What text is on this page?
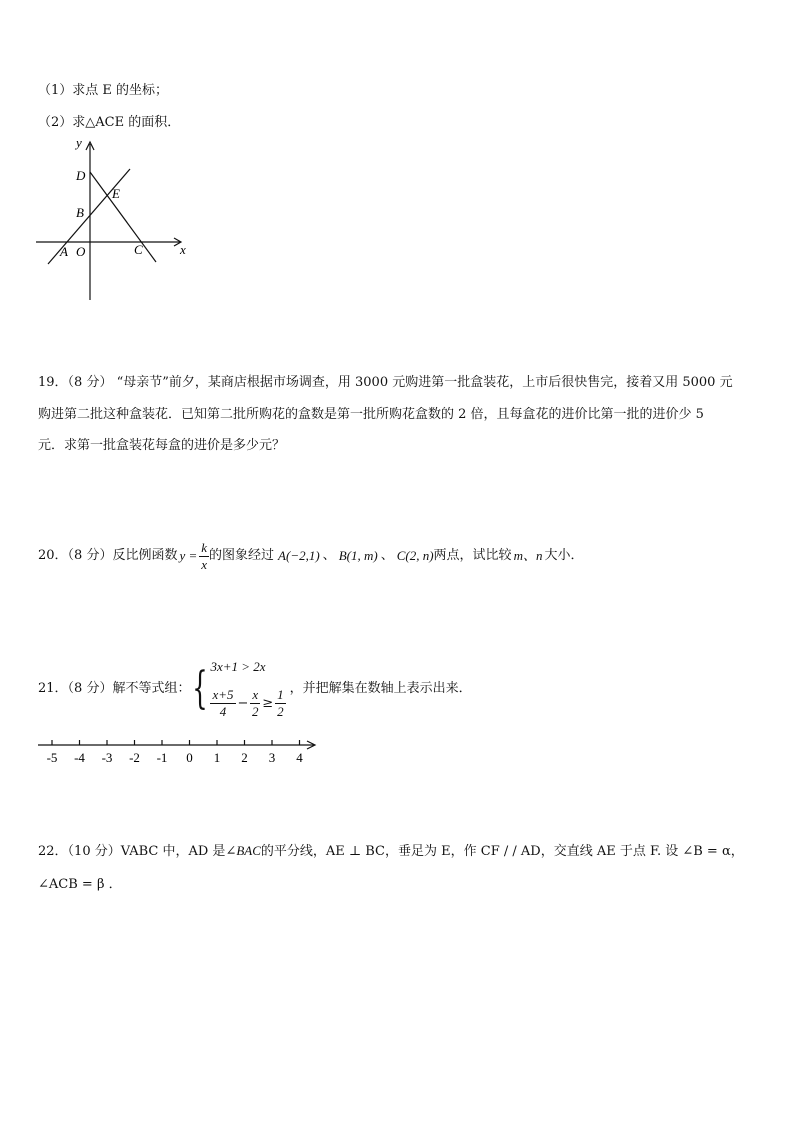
（1）求点 E 的坐标；
（2）求△ACE 的面积．
y
x
D
E
B
A O	C
19．（8 分） “母亲节”前夕，某商店根据市场调查，用 3000 元购进第一批盒装花，上市后很快售完，接着又用 5000 元
购进第二批这种盒装花．已知第二批所购花的盒数是第一批所购花盒数的 2 倍，且每盒花的进价比第一批的进价少 5
元．求第一批盒装花每盒的进价是多少元？
20．（8 分）反比例函数 $y = \frac{k}{x}$ 的图象经过 A(−2,1) 、 B(1, m) 、 C(2, n) 两点，试比较 m、n 大小．
21．（8 分）解不等式组： { 3x+1 > 2x
$\frac{x+5}{4} - \frac{x}{2} \ge \frac{1}{2}$ ，并把解集在数轴上表示出来．
-5 -4 -3 -2 -1 0 1 2 3 4
22．（10 分）VABC 中，AD 是∠BAC的平分线，AE ⊥ BC，垂足为 E，作 CF / / AD，交直线 AE 于点 F. 设 ∠B = α，
∠ACB = β ．
